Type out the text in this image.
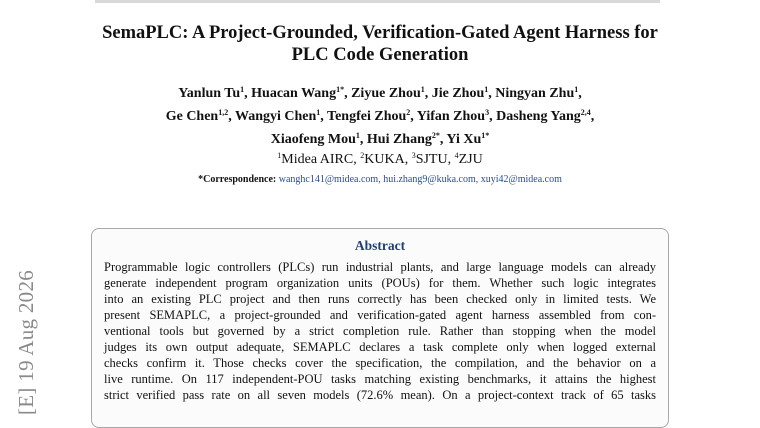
SemaPLC: A Project-Grounded, Verification-Gated Agent Harness for
PLC Code Generation
Yanlun Tu$^1$, Huacan Wang$^{1*}$, Ziyue Zhou$^1$, Jie Zhou$^1$, Ningyan Zhu$^1$,
Ge Chen$^{1,2}$, Wangyi Chen$^1$, Tengfei Zhou$^2$, Yifan Zhou$^3$, Dasheng Yang$^{2,4}$,
Xiaofeng Mou$^1$, Hui Zhang$^{2*}$, Yi $Xu^{1*}$
$^1$Midea AIRC, $^2$KUKA, $^3$SJTU, $^4$ZJU
*Correspondence: wanghc141@midea.com, hui.zhang9@kuka.com, xuyi42@midea.com
[E] 19 Aug 2026
Abstract
Programmable logic controllers (PLCs) run industrial plants, and large language models can already
generate independent program organization units (POUs) for them. Whether such logic integrates
into an existing PLC project and then runs correctly has been checked only in limited tests. We
present SEMAPLC, a project-grounded and verification-gated agent harness assembled from con-
ventional tools but governed by a strict completion rule. Rather than stopping when the model
judges its own output adequate, SEMAPLC declares a task complete only when logged external
checks confirm it. Those checks cover the specification, the compilation, and the behavior on a
live runtime. On 117 independent-POU tasks matching existing benchmarks, it attains the highest
strict verified pass rate on all seven models (72.6% mean). On a project-context track of 65 tasks
